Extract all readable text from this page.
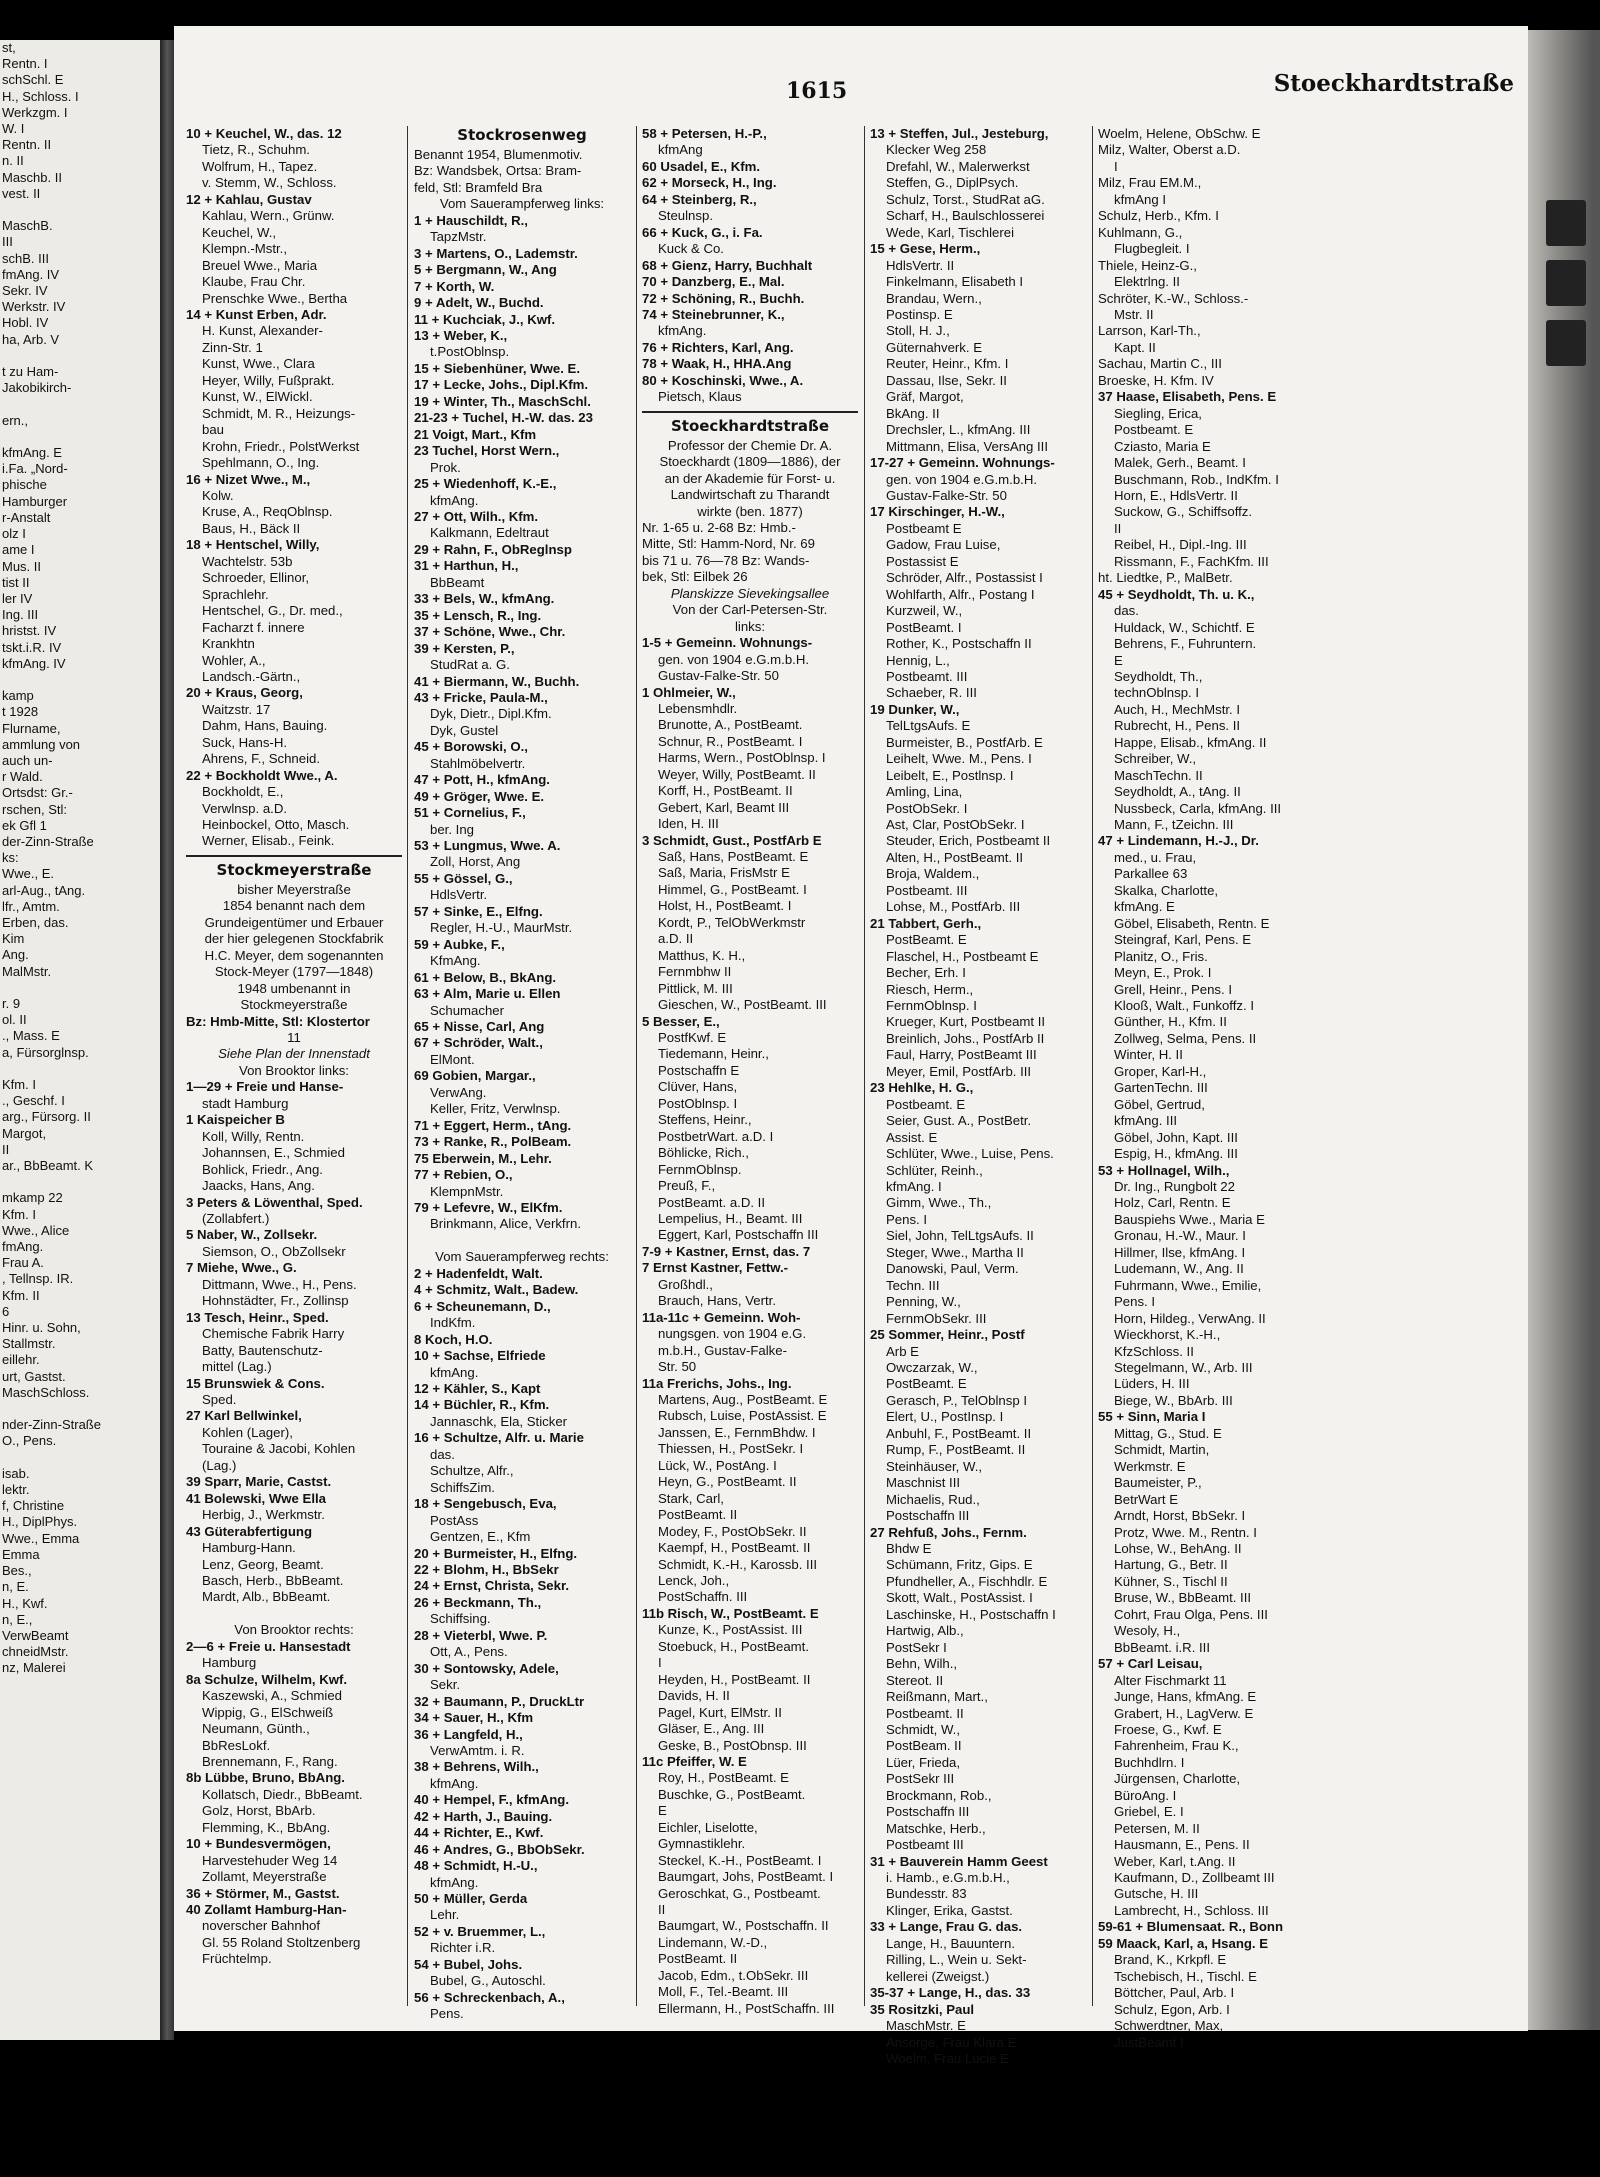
st,
Rentn. I
schSchl. E
H., Schloss. I
Werkzgm. I
W. I
Rentn. II
n. II
Maschb. II
vest. II

MaschB.
III
schB. III
fmAng. IV
Sekr. IV
Werkstr. IV
Hobl. IV
ha, Arb. V

t zu Ham-
Jakobikirch-

ern.,

kfmAng. E
i.Fa. „Nord-
phische
Hamburger
r-Anstalt
olz I
ame I
Mus. II
tist II
ler IV
Ing. III
hristst. IV
tskt.i.R. IV
kfmAng. IV

kamp
t 1928
Flurname,
ammlung von
auch un-
r Wald.
Ortsdst: Gr.-
rschen, Stl:
ek Gfl 1
der-Zinn-Straße
ks:
Wwe., E.
arl-Aug., tAng.
lfr., Amtm.
Erben, das.
Kim
Ang.
MalMstr.

r. 9
ol. II
., Mass. E
a, Fürsorglnsp.

Kfm. I
., Geschf. I
arg., Fürsorg. II
Margot,
II
ar., BbBeamt. K

mkamp 22
Kfm. I
Wwe., Alice
fmAng.
Frau A.
, Tellnsp. IR.
Kfm. II
6
Hinr. u. Sohn,
Stallmstr.
eillehr.
urt, Gastst.
MaschSchloss.

nder-Zinn-Straße
O., Pens.

isab.
lektr.
f, Christine
H., DiplPhys.
Wwe., Emma
Emma
Bes.,
n, E.
H., Kwf.
n, E.,
VerwBeamt
chneidMstr.
nz, Malerei
1615	Stoeckhardtstraße
10 + Keuchel, W., das. 12
Tietz, R., Schuhm.
Wolfrum, H., Tapez.
v. Stemm, W., Schloss.
12 + Kahlau, Gustav
Kahlau, Wern., Grünw.
Keuchel, W.,
Klempn.-Mstr.,
Breuel Wwe., Maria
Klaube, Frau Chr.
Prenschke Wwe., Bertha
14 + Kunst Erben, Adr.
H. Kunst, Alexander-
Zinn-Str. 1
Kunst, Wwe., Clara
Heyer, Willy, Fußprakt.
Kunst, W., ElWickl.
Schmidt, M. R., Heizungs-
bau
Krohn, Friedr., PolstWerkst
Spehlmann, O., Ing.
16 + Nizet Wwe., M.,
Kolw.
Kruse, A., ReqOblnsp.
Baus, H., Bäck II
18 + Hentschel, Willy,
Wachtelstr. 53b
Schroeder, Ellinor,
Sprachlehr.
Hentschel, G., Dr. med.,
Facharzt f. innere
Krankhtn
Wohler, A.,
Landsch.-Gärtn.,
20 + Kraus, Georg,
Waitzstr. 17
Dahm, Hans, Bauing.
Suck, Hans-H.
Ahrens, F., Schneid.
22 + Bockholdt Wwe., A.
Bockholdt, E.,
Verwlnsp. a.D.
Heinbockel, Otto, Masch.
Werner, Elisab., Feink.
Stockmeyerstraße
bisher Meyerstraße
1854 benannt nach dem
Grundeigentümer und Erbauer
der hier gelegenen Stockfabrik
H.C. Meyer, dem sogenannten
Stock-Meyer (1797—1848)
1948 umbenannt in
Stockmeyerstraße
Bz: Hmb-Mitte, Stl: Klostertor
11
Siehe Plan der Innenstadt
Von Brooktor links:
1—29 + Freie und Hanse-
stadt Hamburg
1 Kaispeicher B
Koll, Willy, Rentn.
Johannsen, E., Schmied
Bohlick, Friedr., Ang.
Jaacks, Hans, Ang.
3 Peters & Löwenthal, Sped.
(Zollabfert.)
5 Naber, W., Zollsekr.
Siemson, O., ObZollsekr
7 Miehe, Wwe., G.
Dittmann, Wwe., H., Pens.
Hohnstädter, Fr., Zollinsp
13 Tesch, Heinr., Sped.
Chemische Fabrik Harry
Batty, Bautenschutz-
mittel (Lag.)
15 Brunswiek & Cons.
Sped.
27 Karl Bellwinkel,
Kohlen (Lager),
Touraine & Jacobi, Kohlen
(Lag.)
39 Sparr, Marie, Castst.
41 Bolewski, Wwe Ella
Herbig, J., Werkmstr.
43 Güterabfertigung
Hamburg-Hann.
Lenz, Georg, Beamt.
Basch, Herb., BbBeamt.
Mardt, Alb., BbBeamt.

Von Brooktor rechts:
2—6 + Freie u. Hansestadt
Hamburg
8a Schulze, Wilhelm, Kwf.
Kaszewski, A., Schmied
Wippig, G., ElSchweiß
Neumann, Günth.,
BbResLokf.
Brennemann, F., Rang.
8b Lübbe, Bruno, BbAng.
Kollatsch, Diedr., BbBeamt.
Golz, Horst, BbArb.
Flemming, K., BbAng.
10 + Bundesvermögen,
Harvestehuder Weg 14
Zollamt, Meyerstraße
36 + Störmer, M., Gastst.
40 Zollamt Hamburg-Han-
noverscher Bahnhof
Gl. 55 Roland Stoltzenberg
Früchtelmp.
Stockrosenweg
Benannt 1954, Blumenmotiv.
Bz: Wandsbek, Ortsa: Bram-
feld, Stl: Bramfeld Bra
Vom Sauerampferweg links:
1 + Hauschildt, R.,
TapzMstr.
3 + Martens, O., Lademstr.
5 + Bergmann, W., Ang
7 + Korth, W.
9 + Adelt, W., Buchd.
11 + Kuchciak, J., Kwf.
13 + Weber, K.,
t.PostOblnsp.
15 + Siebenhüner, Wwe. E.
17 + Lecke, Johs., Dipl.Kfm.
19 + Winter, Th., MaschSchl.
21-23 + Tuchel, H.-W. das. 23
21 Voigt, Mart., Kfm
23 Tuchel, Horst Wern.,
Prok.
25 + Wiedenhoff, K.-E.,
kfmAng.
27 + Ott, Wilh., Kfm.
Kalkmann, Edeltraut
29 + Rahn, F., ObReglnsp
31 + Harthun, H.,
BbBeamt
33 + Bels, W., kfmAng.
35 + Lensch, R., Ing.
37 + Schöne, Wwe., Chr.
39 + Kersten, P.,
StudRat a. G.
41 + Biermann, W., Buchh.
43 + Fricke, Paula-M.,
Dyk, Dietr., Dipl.Kfm.
Dyk, Gustel
45 + Borowski, O.,
Stahlmöbelvertr.
47 + Pott, H., kfmAng.
49 + Gröger, Wwe. E.
51 + Cornelius, F.,
ber. Ing
53 + Lungmus, Wwe. A.
Zoll, Horst, Ang
55 + Gössel, G.,
HdlsVertr.
57 + Sinke, E., Elfng.
Regler, H.-U., MaurMstr.
59 + Aubke, F.,
KfmAng.
61 + Below, B., BkAng.
63 + Alm, Marie u. Ellen
Schumacher
65 + Nisse, Carl, Ang
67 + Schröder, Walt.,
ElMont.
69 Gobien, Margar.,
VerwAng.
Keller, Fritz, Verwlnsp.
71 + Eggert, Herm., tAng.
73 + Ranke, R., PolBeam.
75 Eberwein, M., Lehr.
77 + Rebien, O.,
KlempnMstr.
79 + Lefevre, W., ElKfm.
Brinkmann, Alice, Verkfrn.

Vom Sauerampferweg rechts:
2 + Hadenfeldt, Walt.
4 + Schmitz, Walt., Badew.
6 + Scheunemann, D.,
IndKfm.
8 Koch, H.O.
10 + Sachse, Elfriede
kfmAng.
12 + Kähler, S., Kapt
14 + Büchler, R., Kfm.
Jannaschk, Ela, Sticker
16 + Schultze, Alfr. u. Marie
das.
Schultze, Alfr.,
SchiffsZim.
18 + Sengebusch, Eva,
PostAss
Gentzen, E., Kfm
20 + Burmeister, H., Elfng.
22 + Blohm, H., BbSekr
24 + Ernst, Christa, Sekr.
26 + Beckmann, Th.,
Schiffsing.
28 + Vieterbl, Wwe. P.
Ott, A., Pens.
30 + Sontowsky, Adele,
Sekr.
32 + Baumann, P., DruckLtr
34 + Sauer, H., Kfm
36 + Langfeld, H.,
VerwAmtm. i. R.
38 + Behrens, Wilh.,
kfmAng.
40 + Hempel, F., kfmAng.
42 + Harth, J., Bauing.
44 + Richter, E., Kwf.
46 + Andres, G., BbObSekr.
48 + Schmidt, H.-U.,
kfmAng.
50 + Müller, Gerda
Lehr.
52 + v. Bruemmer, L.,
Richter i.R.
54 + Bubel, Johs.
Bubel, G., Autoschl.
56 + Schreckenbach, A.,
Pens.
58 + Petersen, H.-P.,
kfmAng
60 Usadel, E., Kfm.
62 + Morseck, H., Ing.
64 + Steinberg, R.,
Steulnsp.
66 + Kuck, G., i. Fa.
Kuck & Co.
68 + Gienz, Harry, Buchhalt
70 + Danzberg, E., Mal.
72 + Schöning, R., Buchh.
74 + Steinebrunner, K.,
kfmAng.
76 + Richters, Karl, Ang.
78 + Waak, H., HHA.Ang
80 + Koschinski, Wwe., A.
Pietsch, Klaus
Stoeckhardtstraße
Professor der Chemie Dr. A.
Stoeckhardt (1809—1886), der
an der Akademie für Forst- u.
Landwirtschaft zu Tharandt
wirkte (ben. 1877)
Nr. 1-65 u. 2-68 Bz: Hmb.-
Mitte, Stl: Hamm-Nord, Nr. 69
bis 71 u. 76—78 Bz: Wands-
bek, Stl: Eilbek 26
Planskizze Sievekingsallee
Von der Carl-Petersen-Str.
links:
1-5 + Gemeinn. Wohnungs-
gen. von 1904 e.G.m.b.H.
Gustav-Falke-Str. 50
1 Ohlmeier, W.,
Lebensmhdlr.
Brunotte, A., PostBeamt.
Schnur, R., PostBeamt. I
Harms, Wern., PostOblnsp. I
Weyer, Willy, PostBeamt. II
Korff, H., PostBeamt. II
Gebert, Karl, Beamt III
Iden, H. III
3 Schmidt, Gust., PostfArb E
Saß, Hans, PostBeamt. E
Saß, Maria, FrisMstr E
Himmel, G., PostBeamt. I
Holst, H., PostBeamt. I
Kordt, P., TelObWerkmstr
a.D. II
Matthus, K. H.,
Fernmbhw II
Pittlick, M. III
Gieschen, W., PostBeamt. III
5 Besser, E.,
PostfKwf. E
Tiedemann, Heinr.,
Postschaffn E
Clüver, Hans,
PostOblnsp. I
Steffens, Heinr.,
PostbetrWart. a.D. I
Böhlicke, Rich.,
FernmOblnsp.
Preuß, F.,
PostBeamt. a.D. II
Lempelius, H., Beamt. III
Eggert, Karl, Postschaffn III
7-9 + Kastner, Ernst, das. 7
7 Ernst Kastner, Fettw.-
Großhdl.,
Brauch, Hans, Vertr.
11a-11c + Gemeinn. Woh-
nungsgen. von 1904 e.G.
m.b.H., Gustav-Falke-
Str. 50
11a Frerichs, Johs., Ing.
Martens, Aug., PostBeamt. E
Rubsch, Luise, PostAssist. E
Janssen, E., FernmBhdw. I
Thiessen, H., PostSekr. I
Lück, W., PostAng. I
Heyn, G., PostBeamt. II
Stark, Carl,
PostBeamt. II
Modey, F., PostObSekr. II
Kaempf, H., PostBeamt. II
Schmidt, K.-H., Karossb. III
Lenck, Joh.,
PostSchaffn. III
11b Risch, W., PostBeamt. E
Kunze, K., PostAssist. III
Stoebuck, H., PostBeamt.
I
Heyden, H., PostBeamt. II
Davids, H. II
Pagel, Kurt, ElMstr. II
Gläser, E., Ang. III
Geske, B., PostObnsp. III
11c Pfeiffer, W. E
Roy, H., PostBeamt. E
Buschke, G., PostBeamt.
E
Eichler, Liselotte,
Gymnastiklehr.
Steckel, K.-H., PostBeamt. I
Baumgart, Johs, PostBeamt. I
Geroschkat, G., Postbeamt.
II
Baumgart, W., Postschaffn. II
Lindemann, W.-D.,
PostBeamt. II
Jacob, Edm., t.ObSekr. III
Moll, F., Tel.-Beamt. III
Ellermann, H., PostSchaffn. III
13 + Steffen, Jul., Jesteburg,
Klecker Weg 258
Drefahl, W., Malerwerkst
Steffen, G., DiplPsych.
Schulz, Torst., StudRat aG.
Scharf, H., Baulschlosserei
Wede, Karl, Tischlerei
15 + Gese, Herm.,
HdlsVertr. II
Finkelmann, Elisabeth I
Brandau, Wern.,
Postinsp. E
Stoll, H. J.,
Güternahverk. E
Reuter, Heinr., Kfm. I
Dassau, Ilse, Sekr. II
Gräf, Margot,
BkAng. II
Drechsler, L., kfmAng. III
Mittmann, Elisa, VersAng III
17-27 + Gemeinn. Wohnungs-
gen. von 1904 e.G.m.b.H.
Gustav-Falke-Str. 50
17 Kirschinger, H.-W.,
Postbeamt E
Gadow, Frau Luise,
Postassist E
Schröder, Alfr., Postassist I
Wohlfarth, Alfr., Postang I
Kurzweil, W.,
PostBeamt. I
Rother, K., Postschaffn II
Hennig, L.,
Postbeamt. III
Schaeber, R. III
19 Dunker, W.,
TelLtgsAufs. E
Burmeister, B., PostfArb. E
Leihelt, Wwe. M., Pens. I
Leibelt, E., Postlnsp. I
Amling, Lina,
PostObSekr. I
Ast, Clar, PostObSekr. I
Steuder, Erich, Postbeamt II
Alten, H., PostBeamt. II
Broja, Waldem.,
Postbeamt. III
Lohse, M., PostfArb. III
21 Tabbert, Gerh.,
PostBeamt. E
Flaschel, H., Postbeamt E
Becher, Erh. I
Riesch, Herm.,
FernmOblnsp. I
Krueger, Kurt, Postbeamt II
Breinlich, Johs., PostfArb II
Faul, Harry, PostBeamt III
Meyer, Emil, PostfArb. III
23 Hehlke, H. G.,
Postbeamt. E
Seier, Gust. A., PostBetr.
Assist. E
Schlüter, Wwe., Luise, Pens.
Schlüter, Reinh.,
kfmAng. I
Gimm, Wwe., Th.,
Pens. I
Siel, John, TelLtgsAufs. II
Steger, Wwe., Martha II
Danowski, Paul, Verm.
Techn. III
Penning, W.,
FernmObSekr. III
25 Sommer, Heinr., Postf
Arb E
Owczarzak, W.,
PostBeamt. E
Gerasch, P., TelOblnsp I
Elert, U., PostInsp. I
Anbuhl, F., PostBeamt. II
Rump, F., PostBeamt. II
Steinhäuser, W.,
Maschnist III
Michaelis, Rud.,
Postschaffn III
27 Rehfuß, Johs., Fernm.
Bhdw E
Schümann, Fritz, Gips. E
Pfundheller, A., Fischhdlr. E
Skott, Walt., PostAssist. I
Laschinske, H., Postschaffn I
Hartwig, Alb.,
PostSekr I
Behn, Wilh.,
Stereot. II
Reißmann, Mart.,
Postbeamt. II
Schmidt, W.,
PostBeam. II
Lüer, Frieda,
PostSekr III
Brockmann, Rob.,
Postschaffn III
Matschke, Herb.,
Postbeamt III
31 + Bauverein Hamm Geest
i. Hamb., e.G.m.b.H.,
Bundesstr. 83
Klinger, Erika, Gastst.
33 + Lange, Frau G. das.
Lange, H., Bauuntern.
Rilling, L., Wein u. Sekt-
kellerei (Zweigst.)
35-37 + Lange, H., das. 33
35 Rositzki, Paul
MaschMstr. E
Ansorge, Frau Klara E
Woelm, Frau Lucie E
Woelm, Helene, ObSchw. E
Milz, Walter, Oberst a.D.
I
Milz, Frau EM.M.,
kfmAng I
Schulz, Herb., Kfm. I
Kuhlmann, G.,
Flugbegleit. I
Thiele, Heinz-G.,
Elektrlng. II
Schröter, K.-W., Schloss.-
Mstr. II
Larrson, Karl-Th.,
Kapt. II
Sachau, Martin C., III
Broeske, H. Kfm. IV
37 Haase, Elisabeth, Pens. E
Siegling, Erica,
Postbeamt. E
Cziasto, Maria E
Malek, Gerh., Beamt. I
Buschmann, Rob., IndKfm. I
Horn, E., HdlsVertr. II
Suckow, G., Schiffsoffz.
II
Reibel, H., Dipl.-Ing. III
Rissmann, F., FachKfm. III
ht. Liedtke, P., MalBetr.
45 + Seydholdt, Th. u. K.,
das.
Huldack, W., Schichtf. E
Behrens, F., Fuhruntern.
E
Seydholdt, Th.,
technOblnsp. I
Auch, H., MechMstr. I
Rubrecht, H., Pens. II
Happe, Elisab., kfmAng. II
Schreiber, W.,
MaschTechn. II
Seydholdt, A., tAng. II
Nussbeck, Carla, kfmAng. III
Mann, F., tZeichn. III
47 + Lindemann, H.-J., Dr.
med., u. Frau,
Parkallee 63
Skalka, Charlotte,
kfmAng. E
Göbel, Elisabeth, Rentn. E
Steingraf, Karl, Pens. E
Planitz, O., Fris.
Meyn, E., Prok. I
Grell, Heinr., Pens. I
Klooß, Walt., Funkoffz. I
Günther, H., Kfm. II
Zollweg, Selma, Pens. II
Winter, H. II
Groper, Karl-H.,
GartenTechn. III
Göbel, Gertrud,
kfmAng. III
Göbel, John, Kapt. III
Espig, H., kfmAng. III
53 + Hollnagel, Wilh.,
Dr. Ing., Rungbolt 22
Holz, Carl, Rentn. E
Bauspiehs Wwe., Maria E
Gronau, H.-W., Maur. I
Hillmer, Ilse, kfmAng. I
Ludemann, W., Ang. II
Fuhrmann, Wwe., Emilie,
Pens. I
Horn, Hildeg., VerwAng. II
Wieckhorst, K.-H.,
KfzSchloss. II
Stegelmann, W., Arb. III
Lüders, H. III
Biege, W., BbArb. III
55 + Sinn, Maria I
Mittag, G., Stud. E
Schmidt, Martin,
Werkmstr. E
Baumeister, P.,
BetrWart E
Arndt, Horst, BbSekr. I
Protz, Wwe. M., Rentn. I
Lohse, W., BehAng. II
Hartung, G., Betr. II
Kühner, S., Tischl II
Bruse, W., BbBeamt. III
Cohrt, Frau Olga, Pens. III
Wesoly, H.,
BbBeamt. i.R. III
57 + Carl Leisau,
Alter Fischmarkt 11
Junge, Hans, kfmAng. E
Grabert, H., LagVerw. E
Froese, G., Kwf. E
Fahrenheim, Frau K.,
Buchhdlrn. I
Jürgensen, Charlotte,
BüroAng. I
Griebel, E. I
Petersen, M. II
Hausmann, E., Pens. II
Weber, Karl, t.Ang. II
Kaufmann, D., Zollbeamt III
Gutsche, H. III
Lambrecht, H., Schloss. III
59-61 + Blumensaat. R., Bonn
59 Maack, Karl, a, Hsang. E
Brand, K., Krkpfl. E
Tschebisch, H., Tischl. E
Böttcher, Paul, Arb. I
Schulz, Egon, Arb. I
Schwerdtner, Max,
JustBeamt I
